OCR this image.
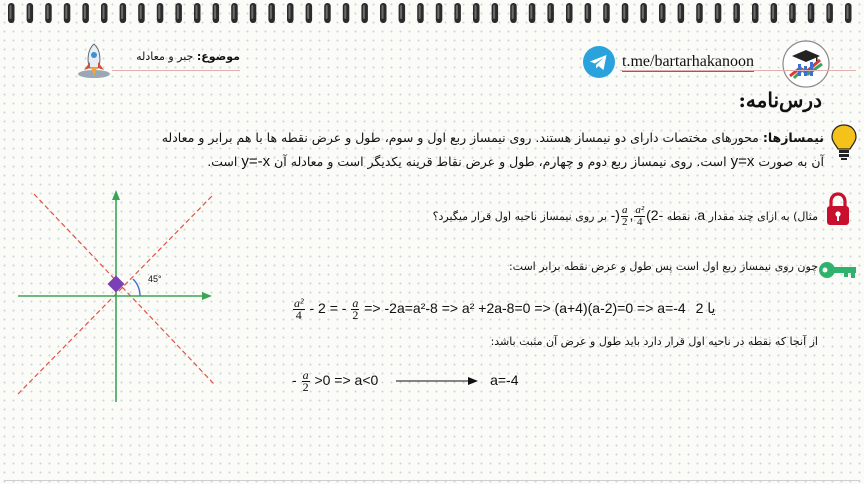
موضوع: جبر و معادله	t.me/bartarhakanoon
درس‌نامه:
نیمسازها: محورهای مختصات دارای دو نیمساز هستند. روی نیمساز ربع اول و سوم، طول و عرض نقطه ها با هم برابر و معادله
آن به صورت y=x است. روی نیمساز ربع دوم و چهارم، طول و عرض نقاط قرینه یکدیگر است و معادله آن y=-x است.
45°
مثال) به ازای چند مقدار a، نقطه -) $\frac{a}{2}$ , $\frac{\text{a²}}{4} (2-$ بر روی نیمساز ناحیه اول قرار میگیرد؟
چون روی نیمساز ربع اول است پس طول و عرض نقطه برابر است:
$\frac{\text{a²}}{4} - 2$ = - $\frac{a}{2} => -2a=a^2-8 => a^2 +2a-8=0 => (a+4)(a-2)=0 => a=-4$ یا 2
از آنجا که نقطه در ناحیه اول قرار دارد باید طول و عرض آن مثبت باشد:
- $\frac{a}{2} >0 => a<0$	a=-4
